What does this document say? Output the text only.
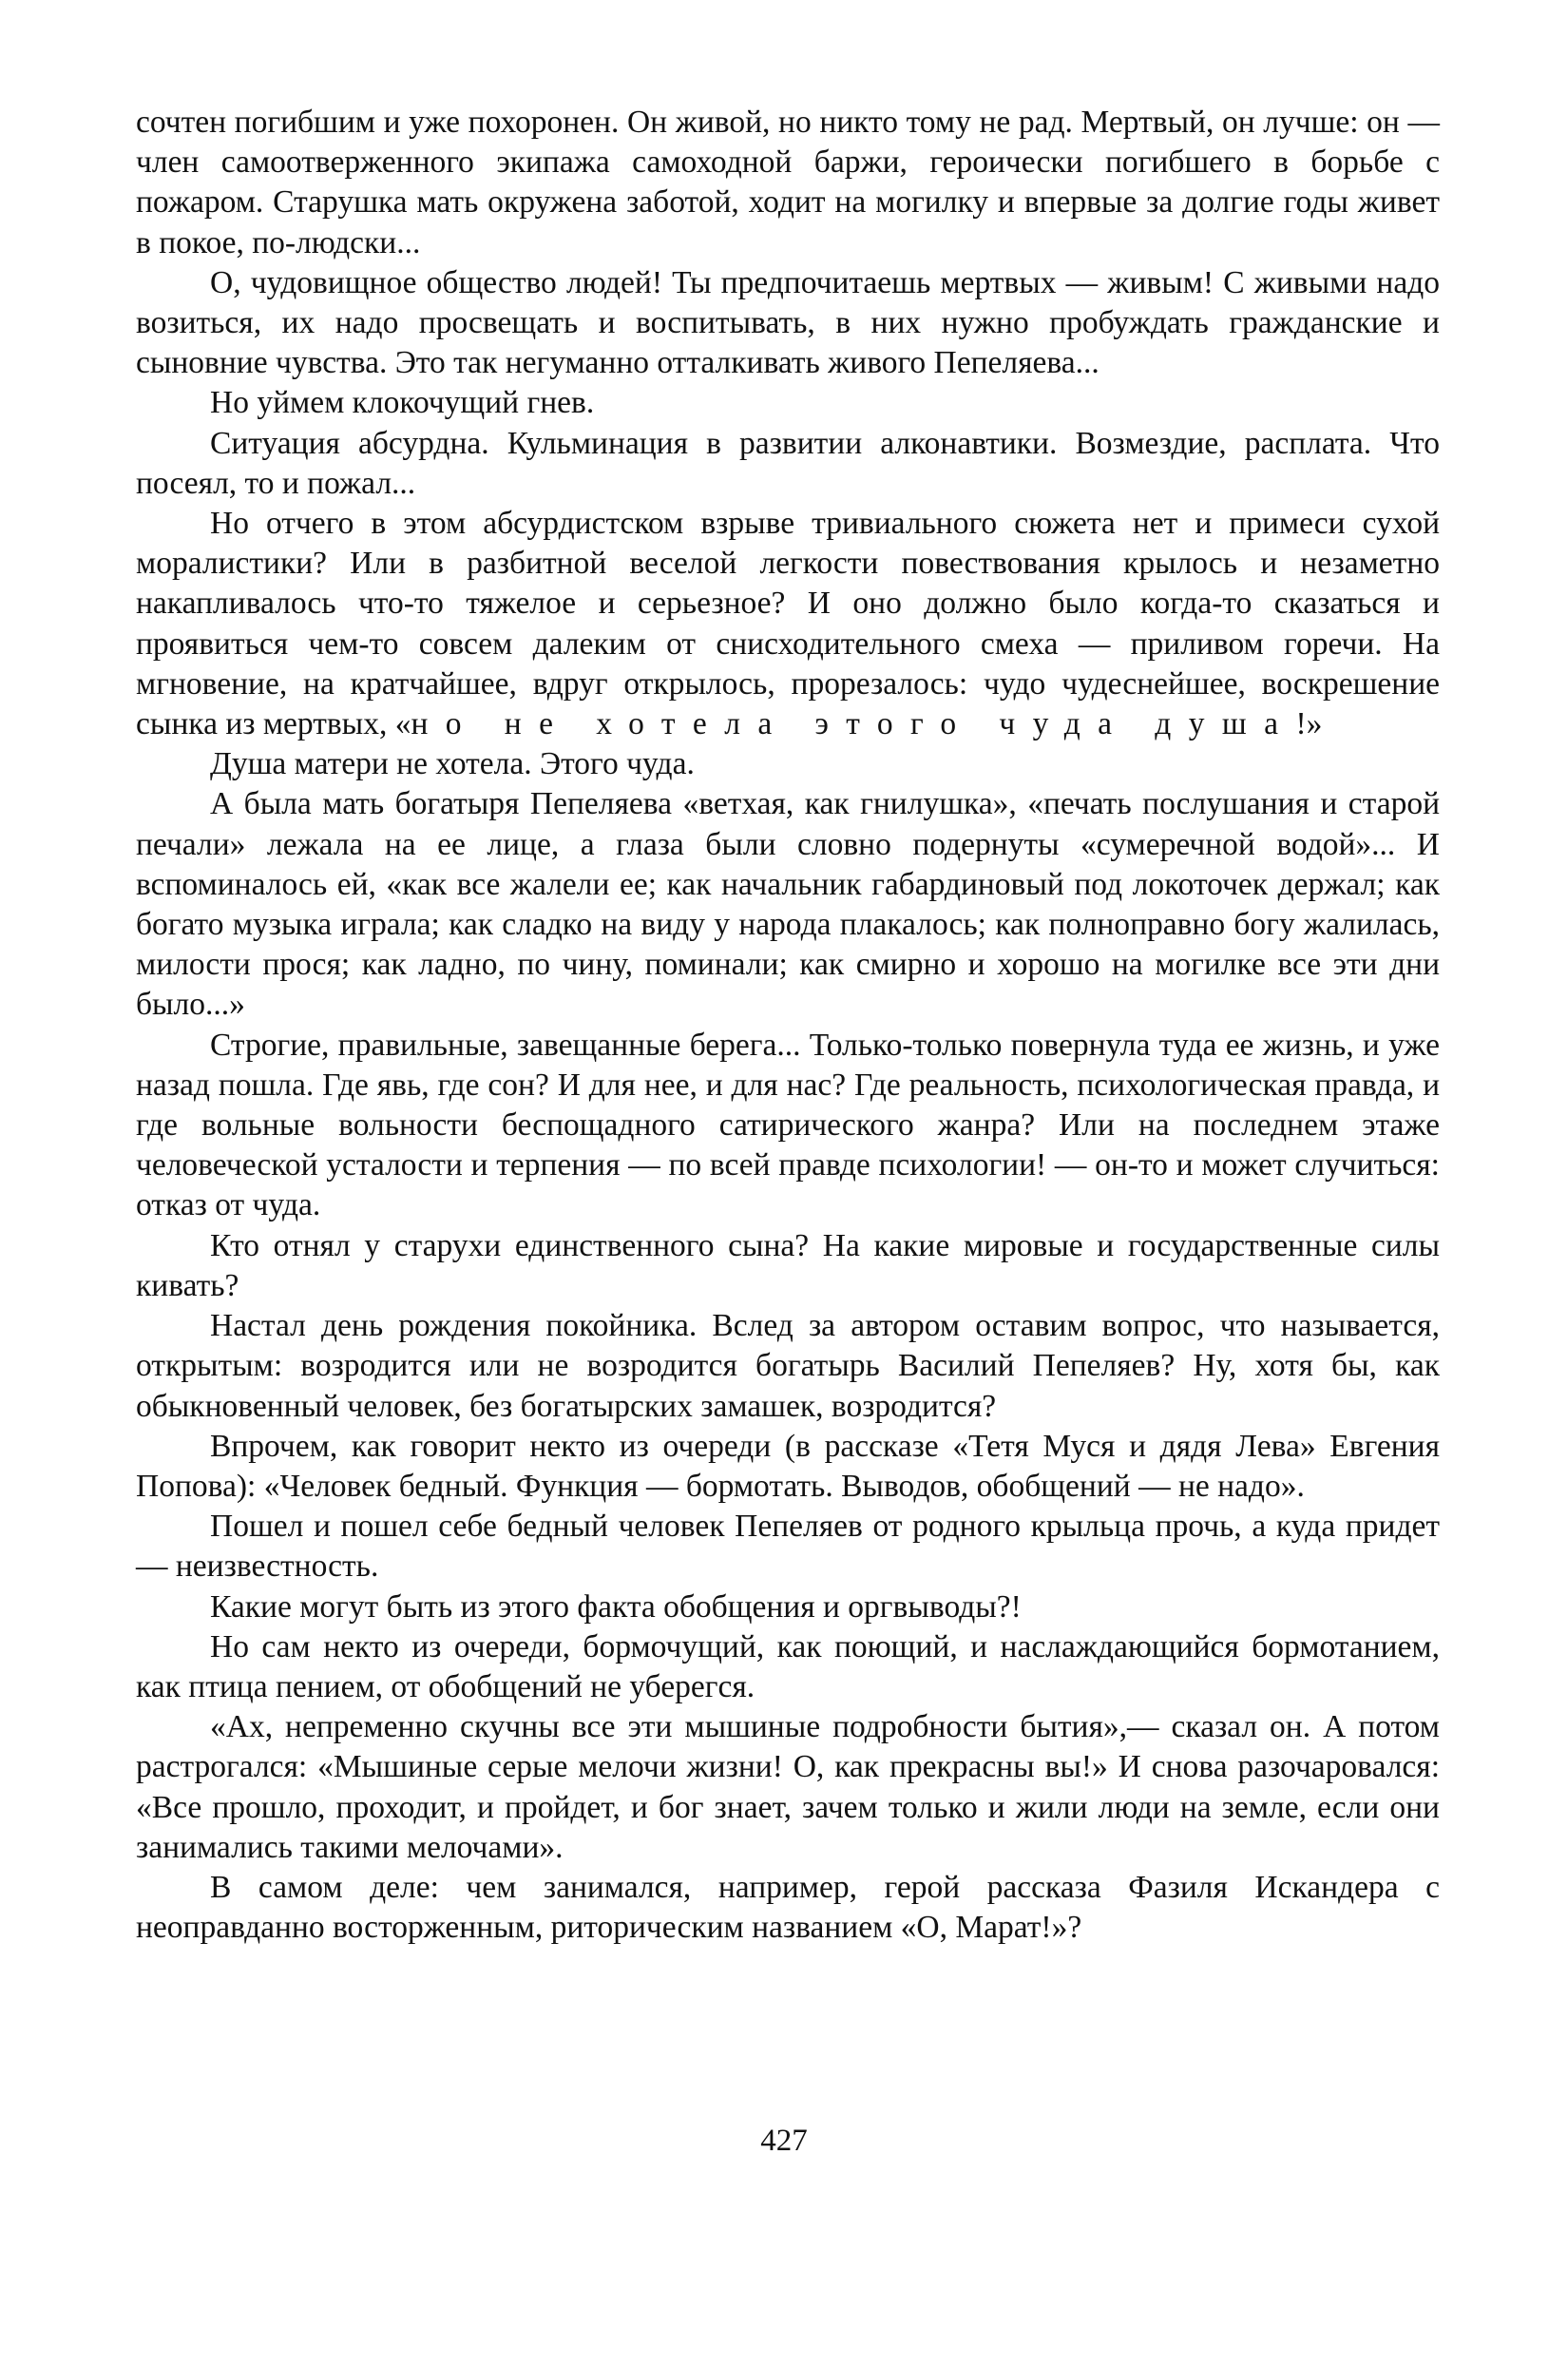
сочтен погибшим и уже похоронен. Он живой, но никто тому не рад. Мертвый, он лучше: он — член самоотверженного экипажа самоходной баржи, героически погибшего в борьбе с пожаром. Старушка мать окружена заботой, ходит на могилку и впервые за долгие годы живет в покое, по-людски...

О, чудовищное общество людей! Ты предпочитаешь мертвых — живым! С живыми надо возиться, их надо просвещать и воспитывать, в них нужно пробуждать гражданские и сыновние чувства. Это так негуманно отталкивать живого Пепеляева...

Но уймем клокочущий гнев.

Ситуация абсурдна. Кульминация в развитии алконавтики. Возмездие, расплата. Что посеял, то и пожал...

Но отчего в этом абсурдистском взрыве тривиального сюжета нет и примеси сухой моралистики? Или в разбитной веселой легкости повествования крылось и незаметно накапливалось что-то тяжелое и серьезное? И оно должно было когда-то сказаться и проявиться чем-то совсем далеким от снисходительного смеха — приливом горечи. На мгновение, на кратчайшее, вдруг открылось, прорезалось: чудо чудеснейшее, воскрешение сынка из мертвых, «но не хотела этого чуда душа!»

Душа матери не хотела. Этого чуда.

А была мать богатыря Пепеляева «ветхая, как гнилушка», «печать послушания и старой печали» лежала на ее лице, а глаза были словно подернуты «сумеречной водой»... И вспоминалось ей, «как все жалели ее; как начальник габардиновый под локоточек держал; как богато музыка играла; как сладко на виду у народа плакалось; как полноправно богу жалилась, милости прося; как ладно, по чину, поминали; как смирно и хорошо на могилке все эти дни было...»

Строгие, правильные, завещанные берега... Только-только повернула туда ее жизнь, и уже назад пошла. Где явь, где сон? И для нее, и для нас? Где реальность, психологическая правда, и где вольные вольности беспощадного сатирического жанра? Или на последнем этаже человеческой усталости и терпения — по всей правде психологии! — он-то и может случиться: отказ от чуда.

Кто отнял у старухи единственного сына? На какие мировые и государственные силы кивать?

Настал день рождения покойника. Вслед за автором оставим вопрос, что называется, открытым: возродится или не возродится богатырь Василий Пепеляев? Ну, хотя бы, как обыкновенный человек, без богатырских замашек, возродится?

Впрочем, как говорит некто из очереди (в рассказе «Тетя Муся и дядя Лева» Евгения Попова): «Человек бедный. Функция — бормотать. Выводов, обобщений — не надо».

Пошел и пошел себе бедный человек Пепеляев от родного крыльца прочь, а куда придет — неизвестность.

Какие могут быть из этого факта обобщения и оргвыводы?!

Но сам некто из очереди, бормочущий, как поющий, и наслаждающийся бормотанием, как птица пением, от обобщений не уберегся.

«Ах, непременно скучны все эти мышиные подробности бытия»,— сказал он. А потом растрогался: «Мышиные серые мелочи жизни! О, как прекрасны вы!» И снова разочаровался: «Все прошло, проходит, и пройдет, и бог знает, зачем только и жили люди на земле, если они занимались такими мелочами».

В самом деле: чем занимался, например, герой рассказа Фазиля Искандера с неоправданно восторженным, риторическим названием «О, Марат!»?

427
